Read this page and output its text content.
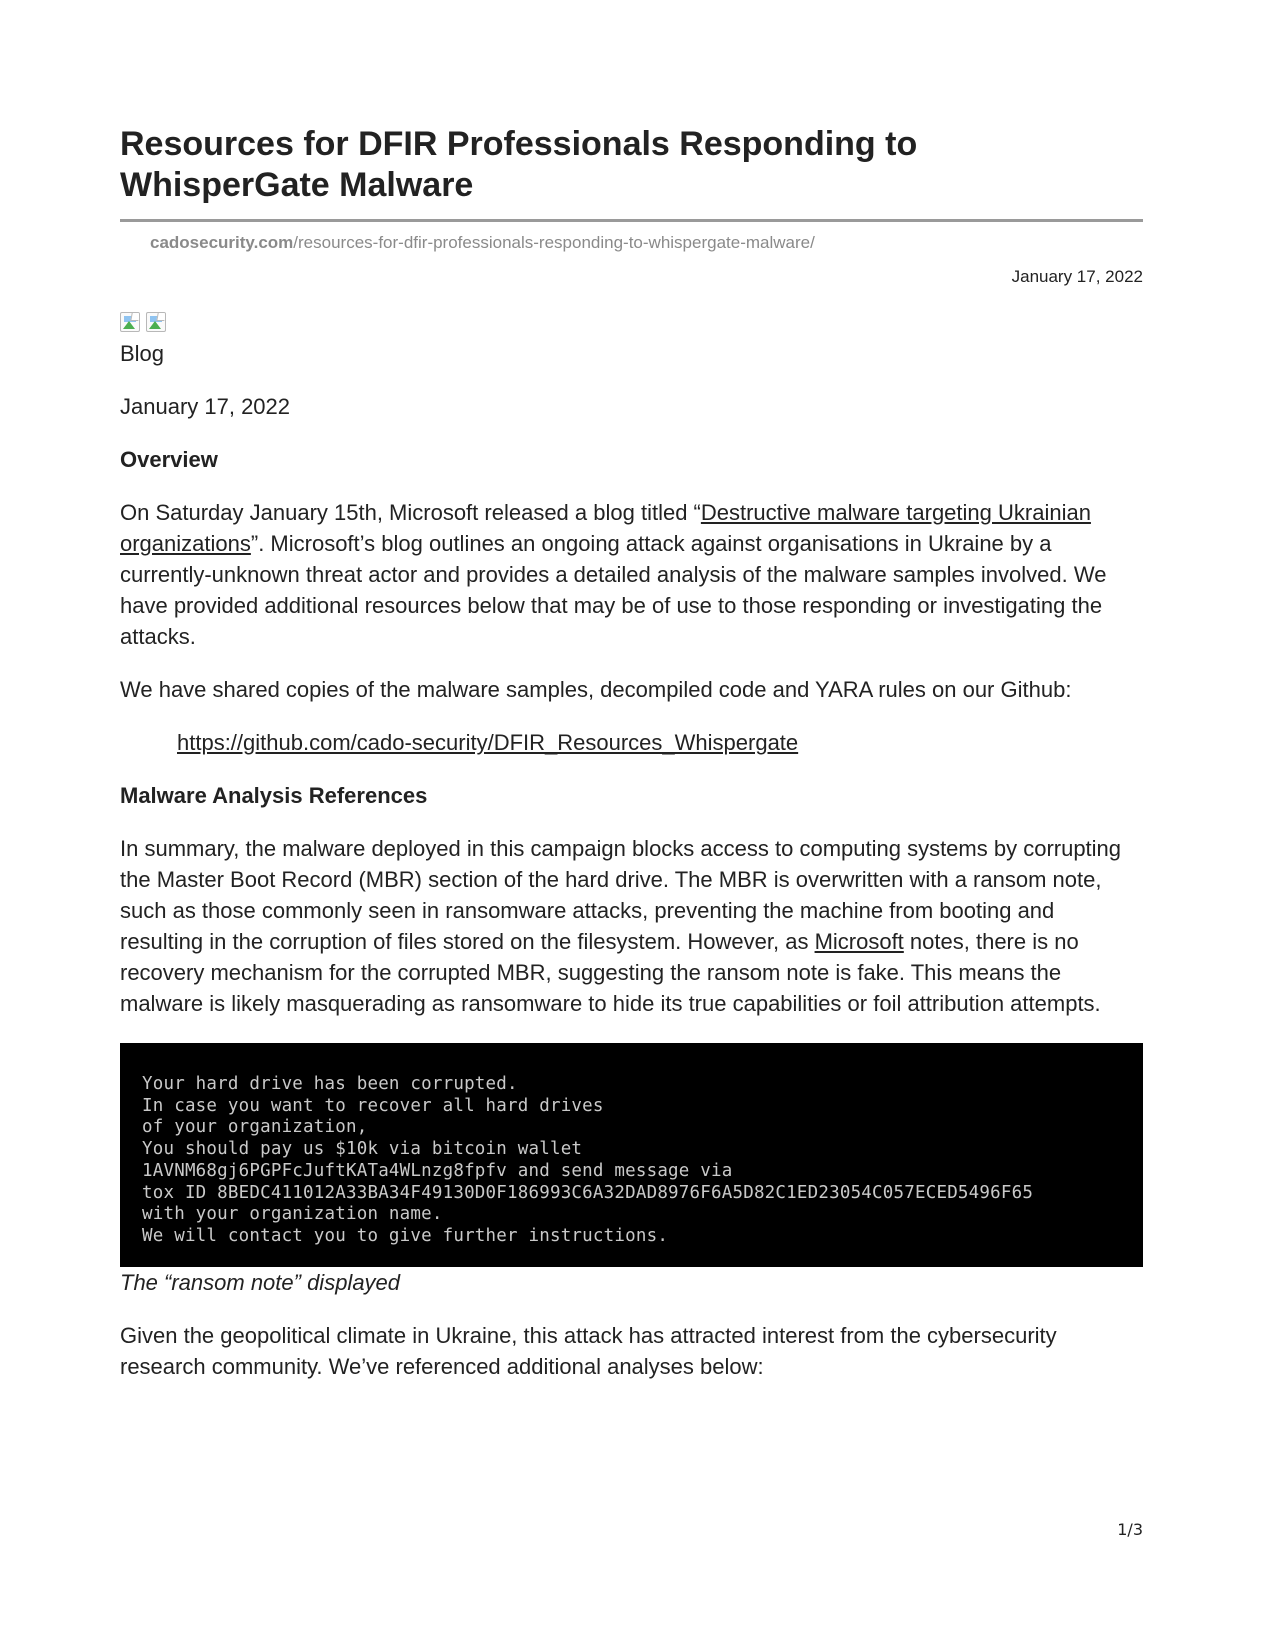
Resources for DFIR Professionals Responding to
WhisperGate Malware
cadosecurity.com/resources-for-dfir-professionals-responding-to-whispergate-malware/
January 17, 2022
Blog

January 17, 2022

Overview

On Saturday January 15th, Microsoft released a blog titled “Destructive malware targeting Ukrainian organizations”. Microsoft’s blog outlines an ongoing attack against organisations in Ukraine by a currently-unknown threat actor and provides a detailed analysis of the malware samples involved. We have provided additional resources below that may be of use to those responding or investigating the attacks.

We have shared copies of the malware samples, decompiled code and YARA rules on our Github:

https://github.com/cado-security/DFIR_Resources_Whispergate

Malware Analysis References

In summary, the malware deployed in this campaign blocks access to computing systems by corrupting the Master Boot Record (MBR) section of the hard drive. The MBR is overwritten with a ransom note, such as those commonly seen in ransomware attacks, preventing the machine from booting and resulting in the corruption of files stored on the filesystem. However, as Microsoft notes, there is no recovery mechanism for the corrupted MBR, suggesting the ransom note is fake. This means the malware is likely masquerading as ransomware to hide its true capabilities or foil attribution attempts.

Your hard drive has been corrupted.
In case you want to recover all hard drives
of your organization,
You should pay us $10k via bitcoin wallet
1AVNM68gj6PGPFcJuftKATa4WLnzg8fpfv and send message via
tox ID 8BEDC411012A33BA34F49130D0F186993C6A32DAD8976F6A5D82C1ED23054C057ECED5496F65
with your organization name.
We will contact you to give further instructions.
The “ransom note” displayed

Given the geopolitical climate in Ukraine, this attack has attracted interest from the cybersecurity research community. We’ve referenced additional analyses below:

1/3
